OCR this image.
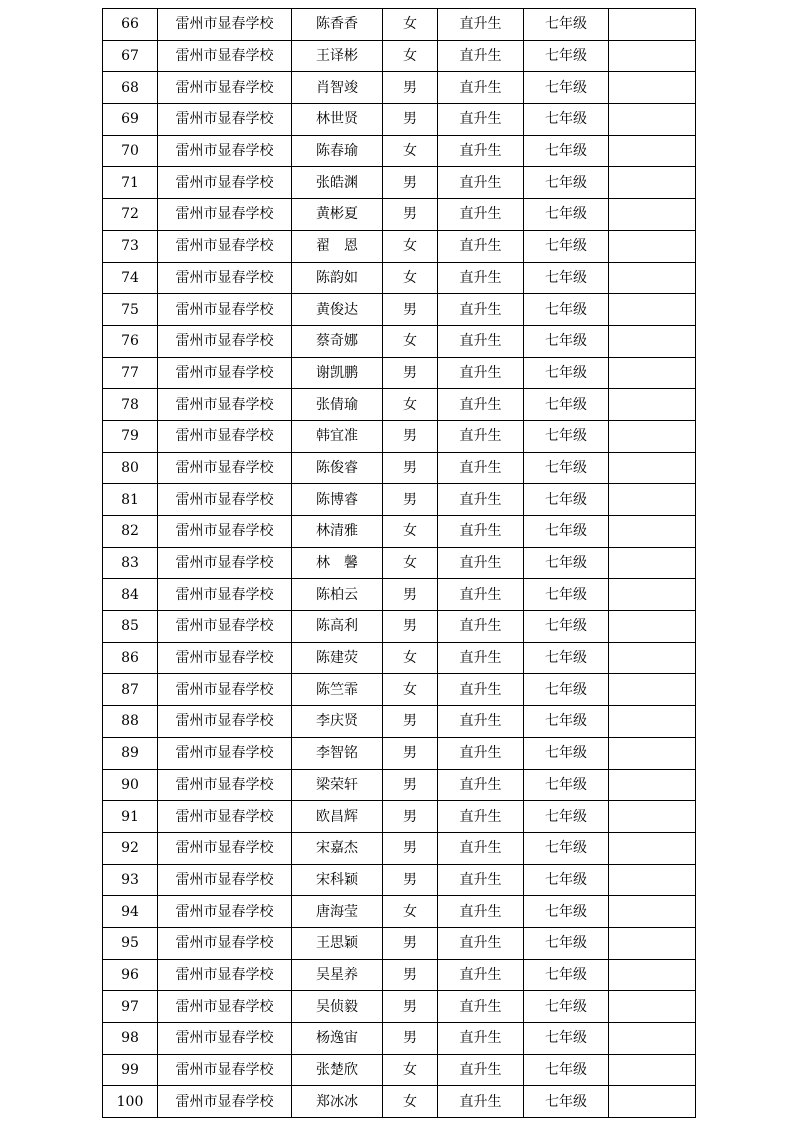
66	雷州市显春学校	陈香香	女	直升生	七年级	
67	雷州市显春学校	王译彬	女	直升生	七年级	
68	雷州市显春学校	肖智竣	男	直升生	七年级	
69	雷州市显春学校	林世贤	男	直升生	七年级	
70	雷州市显春学校	陈春瑜	女	直升生	七年级	
71	雷州市显春学校	张皓渊	男	直升生	七年级	
72	雷州市显春学校	黄彬夏	男	直升生	七年级	
73	雷州市显春学校	翟　恩	女	直升生	七年级	
74	雷州市显春学校	陈韵如	女	直升生	七年级	
75	雷州市显春学校	黄俊达	男	直升生	七年级	
76	雷州市显春学校	蔡奇娜	女	直升生	七年级	
77	雷州市显春学校	谢凯鹏	男	直升生	七年级	
78	雷州市显春学校	张倩瑜	女	直升生	七年级	
79	雷州市显春学校	韩宜准	男	直升生	七年级	
80	雷州市显春学校	陈俊睿	男	直升生	七年级	
81	雷州市显春学校	陈博睿	男	直升生	七年级	
82	雷州市显春学校	林清雅	女	直升生	七年级	
83	雷州市显春学校	林　馨	女	直升生	七年级	
84	雷州市显春学校	陈柏云	男	直升生	七年级	
85	雷州市显春学校	陈高利	男	直升生	七年级	
86	雷州市显春学校	陈建荧	女	直升生	七年级	
87	雷州市显春学校	陈竺霏	女	直升生	七年级	
88	雷州市显春学校	李庆贤	男	直升生	七年级	
89	雷州市显春学校	李智铭	男	直升生	七年级	
90	雷州市显春学校	梁荣轩	男	直升生	七年级	
91	雷州市显春学校	欧昌辉	男	直升生	七年级	
92	雷州市显春学校	宋嘉杰	男	直升生	七年级	
93	雷州市显春学校	宋科颖	男	直升生	七年级	
94	雷州市显春学校	唐海莹	女	直升生	七年级	
95	雷州市显春学校	王思颖	男	直升生	七年级	
96	雷州市显春学校	吴星养	男	直升生	七年级	
97	雷州市显春学校	吴侦毅	男	直升生	七年级	
98	雷州市显春学校	杨逸宙	男	直升生	七年级	
99	雷州市显春学校	张楚欣	女	直升生	七年级	
100	雷州市显春学校	郑冰冰	女	直升生	七年级	
